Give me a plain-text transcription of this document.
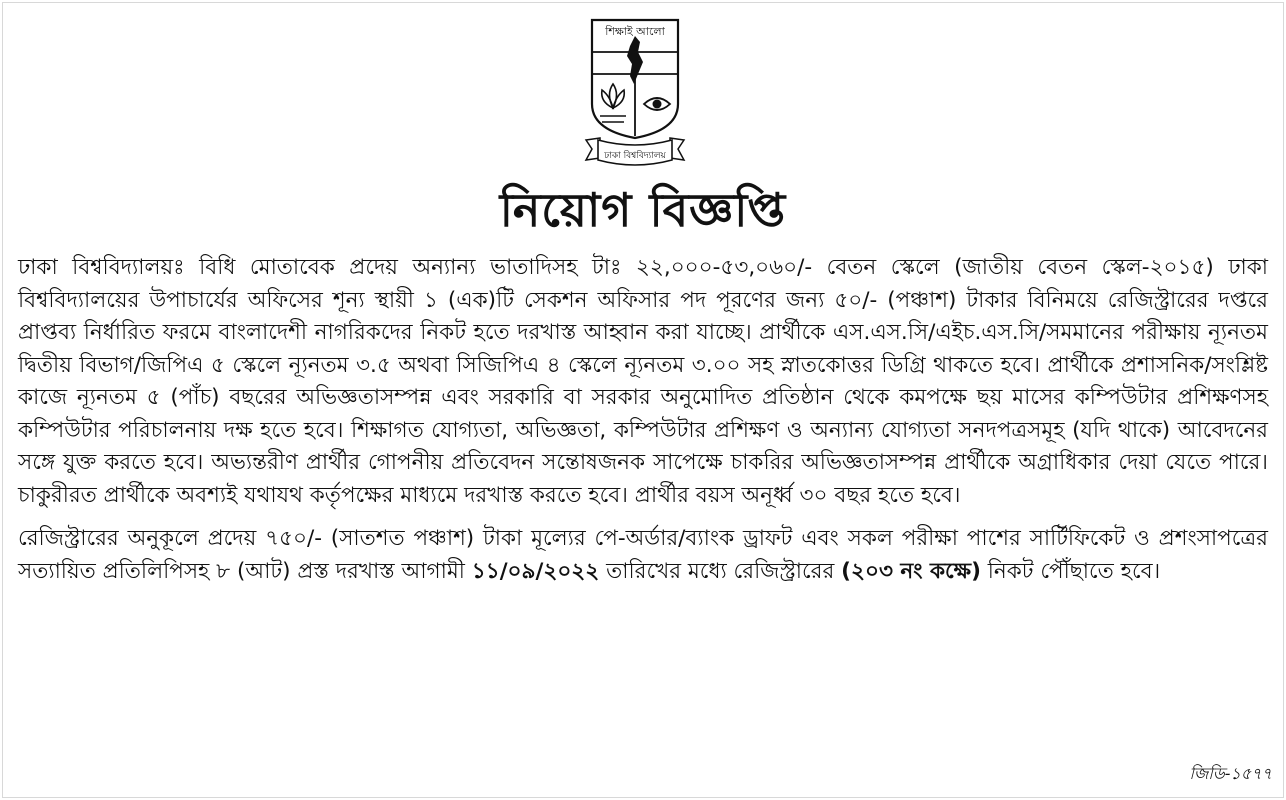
শিক্ষাই আলো
ঢাকা বিশ্ববিদ্যালয়
নিয়োগ বিজ্ঞপ্তি

ঢাকা বিশ্ববিদ্যালয়ঃ বিধি মোতাবেক প্রদেয় অন্যান্য ভাতাদিসহ টাঃ ২২,০০০-৫৩,০৬০/- বেতন স্কেলে (জাতীয় বেতন স্কেল-২০১৫) ঢাকা বিশ্ববিদ্যালয়ের উপাচার্যের অফিসের শূন্য স্থায়ী ১ (এক)টি সেকশন অফিসার পদ পূরণের জন্য ৫০/- (পঞ্চাশ) টাকার বিনিময়ে রেজিস্ট্রারের দপ্তরে প্রাপ্তব্য নির্ধারিত ফরমে বাংলাদেশী নাগরিকদের নিকট হতে দরখাস্ত আহ্বান করা যাচ্ছে। প্রার্থীকে এস.এস.সি/এইচ.এস.সি/সমমানের পরীক্ষায় ন্যূনতম দ্বিতীয় বিভাগ/জিপিএ ৫ স্কেলে ন্যূনতম ৩.৫ অথবা সিজিপিএ ৪ স্কেলে ন্যূনতম ৩.০০ সহ স্নাতকোত্তর ডিগ্রি থাকতে হবে। প্রার্থীকে প্রশাসনিক/সংশ্লিষ্ট কাজে ন্যূনতম ৫ (পাঁচ) বছরের অভিজ্ঞতাসম্পন্ন এবং সরকারি বা সরকার অনুমোদিত প্রতিষ্ঠান থেকে কমপক্ষে ছয় মাসের কম্পিউটার প্রশিক্ষণসহ কম্পিউটার পরিচালনায় দক্ষ হতে হবে। শিক্ষাগত যোগ্যতা, অভিজ্ঞতা, কম্পিউটার প্রশিক্ষণ ও অন্যান্য যোগ্যতা সনদপত্রসমূহ (যদি থাকে) আবেদনের সঙ্গে যুক্ত করতে হবে। অভ্যন্তরীণ প্রার্থীর গোপনীয় প্রতিবেদন সন্তোষজনক সাপেক্ষে চাকরির অভিজ্ঞতাসম্পন্ন প্রার্থীকে অগ্রাধিকার দেয়া যেতে পারে। চাকুরীরত প্রার্থীকে অবশ্যই যথাযথ কর্তৃপক্ষের মাধ্যমে দরখাস্ত করতে হবে। প্রার্থীর বয়স অনূর্ধ্ব ৩০ বছর হতে হবে।

রেজিস্ট্রারের অনুকূলে প্রদেয় ৭৫০/- (সাতশত পঞ্চাশ) টাকা মূল্যের পে-অর্ডার/ব্যাংক ড্রাফট এবং সকল পরীক্ষা পাশের সার্টিফিকেট ও প্রশংসাপত্রের সত্যায়িত প্রতিলিপিসহ ৮ (আট) প্রস্ত দরখাস্ত আগামী ১১/০৯/২০২২ তারিখের মধ্যে রেজিস্ট্রারের (২০৩ নং কক্ষে) নিকট পৌঁছাতে হবে।

জিডি-১৫৭৭
